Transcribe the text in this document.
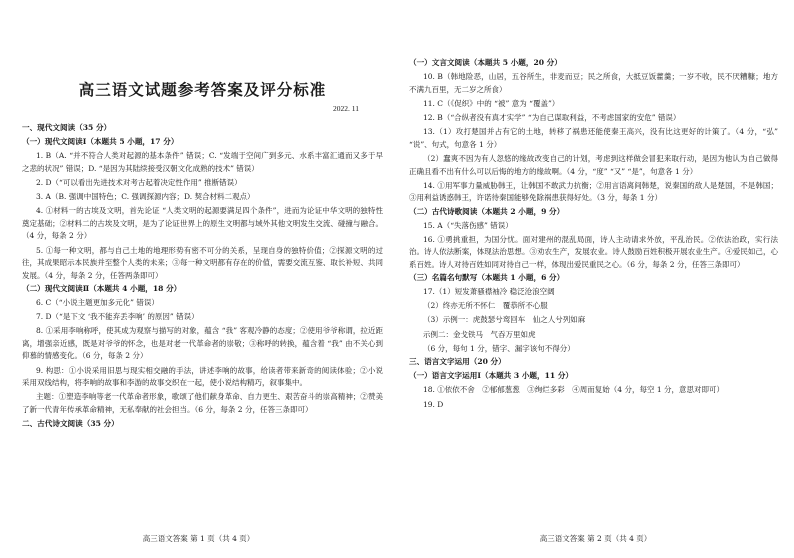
高三语文试题参考答案及评分标准
2022. 11
一、现代文阅读（35 分）
（一）现代文阅读Ⅰ（本题共 5 小题，17 分）

1. B（A. “并不符合人类对起源的基本条件” 错误；C. “发端于空间广到多元、水系丰富汇通而又多于早之悲的状况” 错误；D. “是因为其陆续接受汉朝文化成熟的技术” 错误）

2. D（“可以看出先进技术对考古起着决定性作用” 推断错误）

3. A（B. 强调中国特色；C. 强调探源内容；D. 契合材料二观点）

4. ①材料一的古埃及文明，首先论证 “人类文明的起源要满足四个条件”，进而为论证中华文明的独特性奠定基础；②材料二的古埃及文明，是为了论证世界上的原生文明都与域外其他文明发生交流、碰撞与融合。（4 分，每条 2 分）

5. ①每一种文明，都与自己土地的地理形势有密不可分的关系，呈现自身的独特价值；②探源文明的过往，其成果昭示本民族并至整个人类的未来；③每一种文明都有存在的价值，需要交流互鉴、取长补短、共同发展。（4 分，每条 2 分，任答两条即可）

（二）现代文阅读Ⅱ（本题共 4 小题，18 分）

6. C（“小说主题更加多元化” 错误）

7. D（“是下文 ‘我不能弃丢李响’ 的原因” 错误）

8. ①采用李响称呼，使其成为观察与描写的对象，蕴含 “我” 客观冷静的态度；②使用爷爷称谓，拉近距离，增强亲近感，既是对爷爷的怀念，也是对老一代革命者的崇敬；③称呼的转换，蕴含着 “我” 由不关心到仰慕的情感变化。（6 分，每条 2 分）

9. 构思：①小说采用旧思与现实相交融的手法，讲述李响的故事，给读者带来新奇的阅读体验；②小说采用双线结构，将李响的故事和李游的故事交织在一起，使小说结构精巧，叙事集中。

主题：①塑造李响等老一代革命者形象，歌颂了他们献身革命、自力更生、艰苦奋斗的崇高精神；②赞美了新一代青年传承革命精神，无私奉献的社会担当。（6 分，每条 2 分，任答三条即可）

二、古代诗文阅读（35 分）
高三语文答案 第 1 页（共 4 页）
（一）文言文阅读（本题共 5 小题，20 分）

10. B（韩地险恶，山居，五谷所生，非麦而豆；民之所食，大抵豆饭藿羹；一岁不收，民不厌糟糠；地方不满九百里，无二岁之所食）

11. C（《促织》中的 “被” 意为 “覆盖”）

12. B（“合纵者没有真才实学” “为自己谋取利益，不考虑国家的安危” 错误）

13.（1）攻打楚国并占有它的土地，转移了祸患还能使秦王高兴，没有比这更好的计策了。（4 分，“弘” “说”、句式，句意各 1 分）

（2）蠢爽不因为有人忽悠的缘故改变自己的计划，考虑到这样做会冒犯来取行动，是因为他认为自己做得正确且看不出有什么可以后悔的地方的缘故啊。（4 分，“度” “又” “是”，句意各 1 分）

14. ①用军事力量威胁韩王，让韩国不敢武力抗衡；②用言语离间韩楚，说秦国的敌人是楚国，不是韩国；③用利益诱惑韩王，许诺待秦国能够免除祸患获得好处。（3 分，每条 1 分）

（二）古代诗歌阅读（本题共 2 小题，9 分）

15. A（“失落伤感” 错误）

16. ①勇挑重担，为国分忧。面对建州的混乱局面，诗人主动请求外放，平乱治民。②依法治政，实行法治。诗人依法断案，体现法治思想。③劝农生产，发展农业。诗人鼓励百姓积极开展农业生产。④爱民如己，心系百姓。诗人对待百姓如同对待自己一样，体现出爱民重民之心。（6 分，每条 2 分，任答三条即可）

（三）名篇名句默写（本题共 1 小题，6 分）

17.（1）短发萧骚襟袖冷 稳泛沧浪空阔

（2）终亦无所不怀仁　覆恭所不心服

（3）示例一：虎鼓瑟兮鸾回车　仙之人兮列如麻

示例二：金戈铁马　气吞万里如虎

（6 分，每句 1 分，错字、漏字该句不得分）

三、语言文字运用（20 分）
（一）语言文字运用Ⅰ（本题共 3 小题，11 分）

18. ①依依不舍　②郁郁葱葱　③绚烂多彩　④周而复始（4 分，每空 1 分，意思对即可）

19. D

高三语文答案 第 2 页（共 4 页）
